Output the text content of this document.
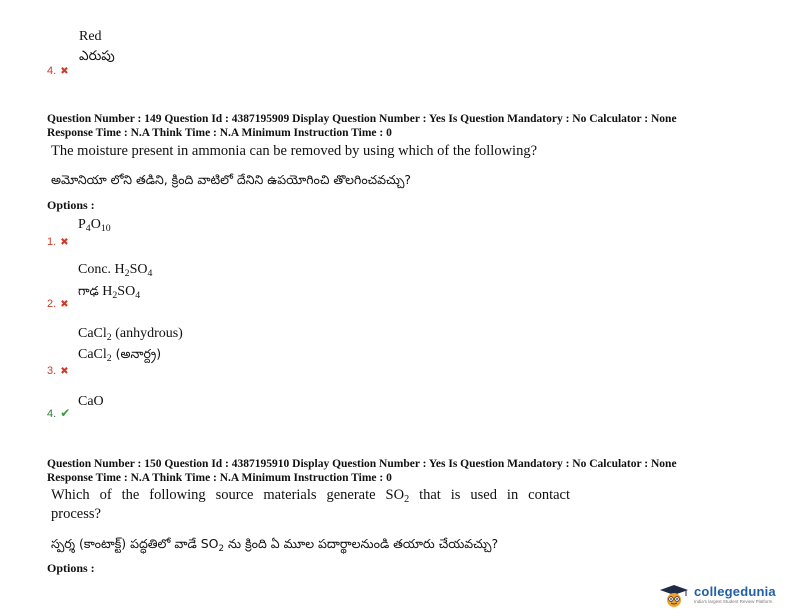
Red
ఎరుపు
4. ✖
Question Number : 149 Question Id : 4387195909 Display Question Number : Yes Is Question Mandatory : No Calculator : None
Response Time : N.A Think Time : N.A Minimum Instruction Time : 0
The moisture present in ammonia can be removed by using which of the following?
అమోనియా లోని తడిని, క్రింది వాటిలో దేనిని ఉపయోగించి తొలగించవచ్చు?
Options :
$P_4O_{10}$
1. ✖
Conc. $H_2SO_4$
గాఢ $H_2SO_4$
2. ✖
CaCl$_2$ (anhydrous)
CaCl$_2$ (అనార్ద్ర)
3. ✖
CaO
4. ✔
Question Number : 150 Question Id : 4387195910 Display Question Number : Yes Is Question Mandatory : No Calculator : None
Response Time : N.A Think Time : N.A Minimum Instruction Time : 0
Which of the following source materials generate $SO_2$ that is used in contact
process?
స్పర్శ (కాంటాక్ట్) పద్ధతిలో వాడే $SO_2$ ను క్రింది ఏ మూల పదార్థాలనుండి తయారు చేయవచ్చు?
Options :
collegedunia
India's largest Student Review Platform
